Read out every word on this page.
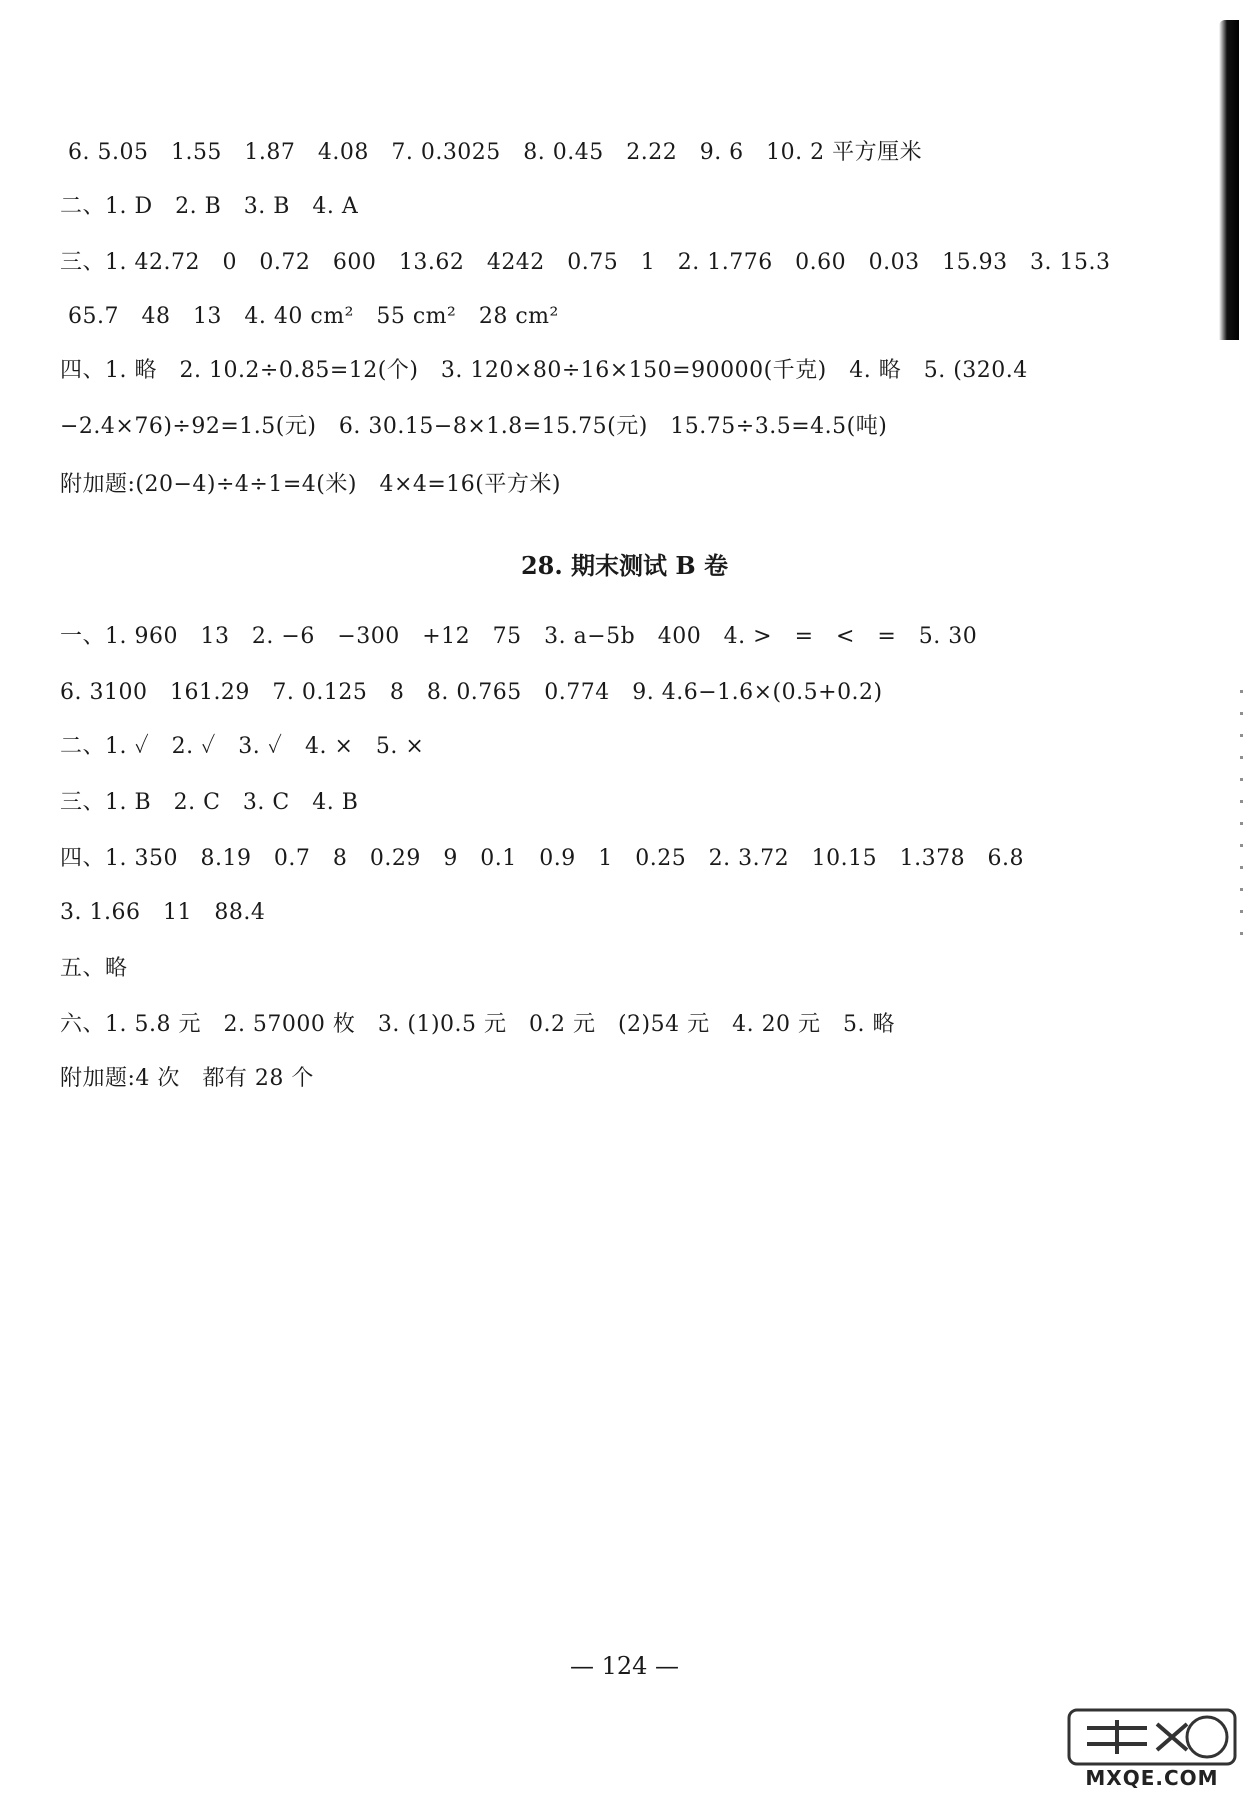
6. 5.05   1.55   1.87   4.08   7. 0.3025   8. 0.45   2.22   9. 6   10. 2 平方厘米
二、1. D   2. B   3. B   4. A
三、1. 42.72   0   0.72   600   13.62   4242   0.75   1   2. 1.776   0.60   0.03   15.93   3. 15.3
65.7   48   13   4. 40 cm²   55 cm²   28 cm²
四、1. 略   2. 10.2÷0.85=12(个)   3. 120×80÷16×150=90000(千克)   4. 略   5. (320.4
−2.4×76)÷92=1.5(元)   6. 30.15−8×1.8=15.75(元)   15.75÷3.5=4.5(吨)
附加题:(20−4)÷4÷1=4(米)   4×4=16(平方米)
28. 期末测试 B 卷
一、1. 960   13   2. −6   −300   +12   75   3. a−5b   400   4. >   =   <   =   5. 30
6. 3100   161.29   7. 0.125   8   8. 0.765   0.774   9. 4.6−1.6×(0.5+0.2)
二、1. ✓   2. ✓   3. ✓   4. ×   5. ×
三、1. B   2. C   3. C   4. B
四、1. 350   8.19   0.7   8   0.29   9   0.1   0.9   1   0.25   2. 3.72   10.15   1.378   6.8
3. 1.66   11   88.4
五、略
六、1. 5.8 元   2. 57000 枚   3. (1)0.5 元   0.2 元   (2)54 元   4. 20 元   5. 略
附加题:4 次   都有 28 个
— 124 —
MXQE.COM
